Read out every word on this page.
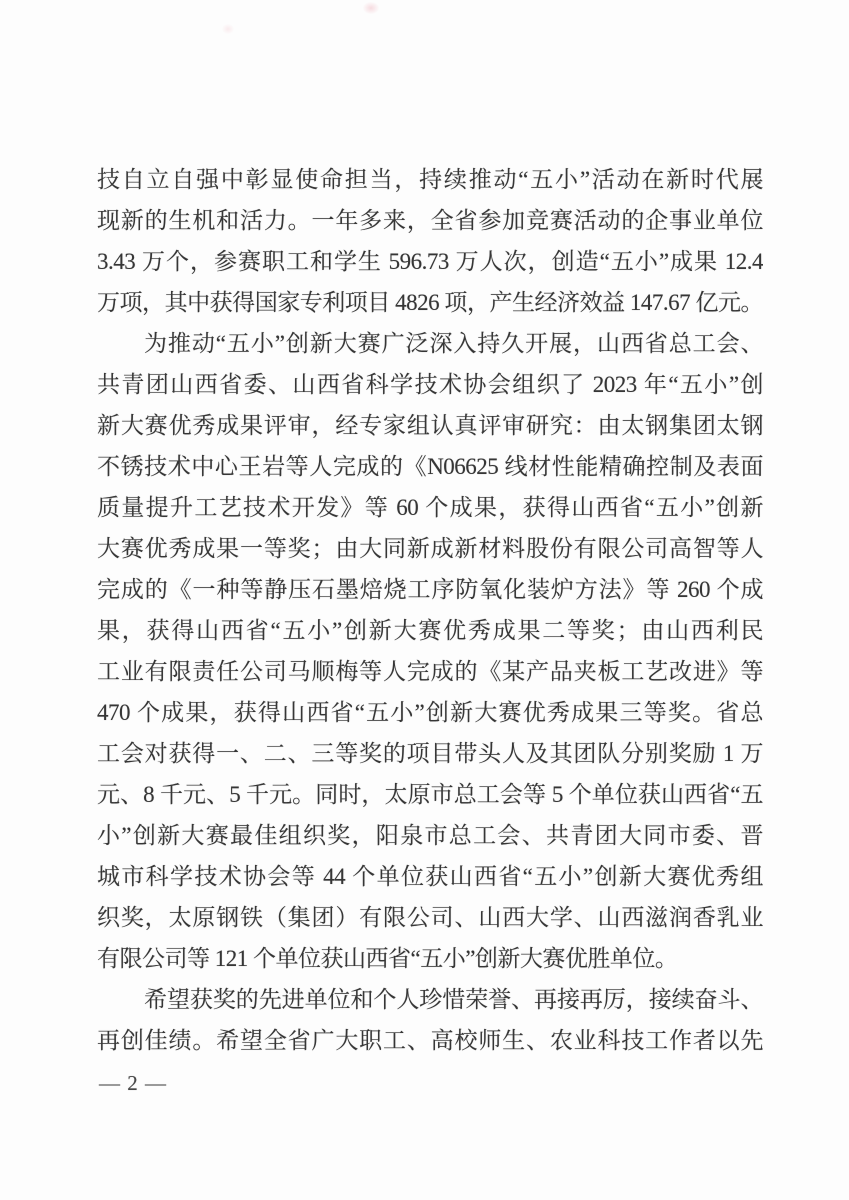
技自立自强中彰显使命担当，持续推动“五小”活动在新时代展
现新的生机和活力。一年多来，全省参加竞赛活动的企事业单位
3.43 万个，参赛职工和学生 596.73 万人次，创造“五小”成果 12.4
万项，其中获得国家专利项目 4826 项，产生经济效益 147.67 亿元。
为推动“五小”创新大赛广泛深入持久开展，山西省总工会、
共青团山西省委、山西省科学技术协会组织了 2023 年“五小”创
新大赛优秀成果评审，经专家组认真评审研究：由太钢集团太钢
不锈技术中心王岩等人完成的《N06625 线材性能精确控制及表面
质量提升工艺技术开发》等 60 个成果，获得山西省“五小”创新
大赛优秀成果一等奖；由大同新成新材料股份有限公司高智等人
完成的《一种等静压石墨焙烧工序防氧化装炉方法》等 260 个成
果，获得山西省“五小”创新大赛优秀成果二等奖；由山西利民
工业有限责任公司马顺梅等人完成的《某产品夹板工艺改进》等
470 个成果，获得山西省“五小”创新大赛优秀成果三等奖。省总
工会对获得一、二、三等奖的项目带头人及其团队分别奖励 1 万
元、8 千元、5 千元。同时，太原市总工会等 5 个单位获山西省“五
小”创新大赛最佳组织奖，阳泉市总工会、共青团大同市委、晋
城市科学技术协会等 44 个单位获山西省“五小”创新大赛优秀组
织奖，太原钢铁（集团）有限公司、山西大学、山西滋润香乳业
有限公司等 121 个单位获山西省“五小”创新大赛优胜单位。
希望获奖的先进单位和个人珍惜荣誉、再接再厉，接续奋斗、
再创佳绩。希望全省广大职工、高校师生、农业科技工作者以先
— 2 —
